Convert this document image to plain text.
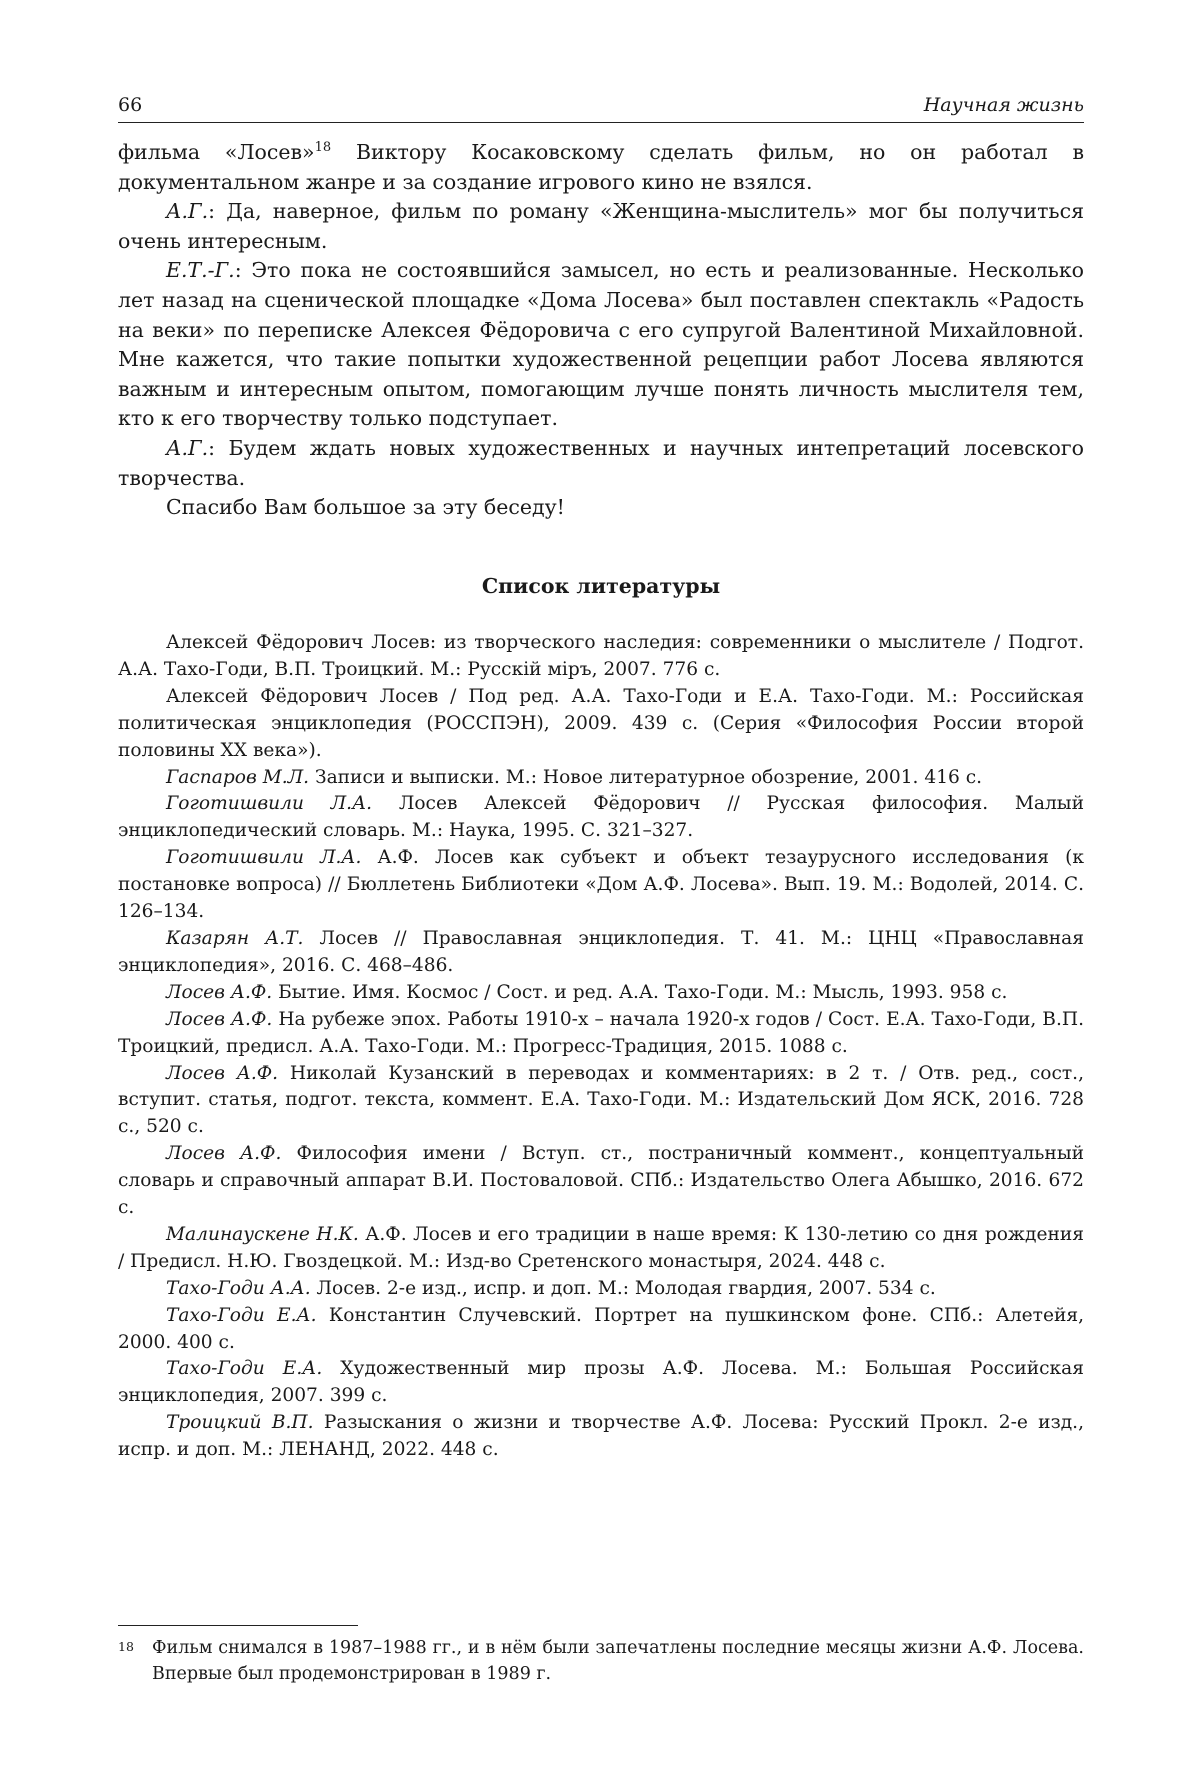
66	Научная жизнь

фильма «Лосев»$^{18}$ Виктору Косаковскому сделать фильм, но он работал в документальном жанре и за создание игрового кино не взялся.

А.Г.: Да, наверное, фильм по роману «Женщина-мыслитель» мог бы получиться очень интересным.

Е.Т.-Г.: Это пока не состоявшийся замысел, но есть и реализованные. Несколько лет назад на сценической площадке «Дома Лосева» был поставлен спектакль «Радость на веки» по переписке Алексея Фёдоровича с его супругой Валентиной Михайловной. Мне кажется, что такие попытки художественной рецепции работ Лосева являются важным и интересным опытом, помогающим лучше понять личность мыслителя тем, кто к его творчеству только подступает.

А.Г.: Будем ждать новых художественных и научных интепретаций лосевского творчества.

Спасибо Вам большое за эту беседу!

Список литературы

Алексей Фёдорович Лосев: из творческого наследия: современники о мыслителе / Подгот. А.А. Тахо-Годи, В.П. Троицкий. М.: Русскiй мiръ, 2007. 776 с.

Алексей Фёдорович Лосев / Под ред. А.А. Тахо-Годи и Е.А. Тахо-Годи. М.: Российская политическая энциклопедия (РОССПЭН), 2009. 439 с. (Серия «Философия России второй половины XX века»).

Гаспаров М.Л. Записи и выписки. М.: Новое литературное обозрение, 2001. 416 с.

Гоготишвили Л.А. Лосев Алексей Фёдорович // Русская философия. Малый энциклопедический словарь. М.: Наука, 1995. С. 321–327.

Гоготишвили Л.А. А.Ф. Лосев как субъект и объект тезаурусного исследования (к постановке вопроса) // Бюллетень Библиотеки «Дом А.Ф. Лосева». Вып. 19. М.: Водолей, 2014. С. 126–134.

Казарян А.Т. Лосев // Православная энциклопедия. Т. 41. М.: ЦНЦ «Православная энциклопедия», 2016. С. 468–486.

Лосев А.Ф. Бытие. Имя. Космос / Сост. и ред. А.А. Тахо-Годи. М.: Мысль, 1993. 958 с.

Лосев А.Ф. На рубеже эпох. Работы 1910-х – начала 1920-х годов / Сост. Е.А. Тахо-Годи, В.П. Троицкий, предисл. А.А. Тахо-Годи. М.: Прогресс-Традиция, 2015. 1088 с.

Лосев А.Ф. Николай Кузанский в переводах и комментариях: в 2 т. / Отв. ред., сост., вступит. статья, подгот. текста, коммент. Е.А. Тахо-Годи. М.: Издательский Дом ЯСК, 2016. 728 с., 520 с.

Лосев А.Ф. Философия имени / Вступ. ст., постраничный коммент., концептуальный словарь и справочный аппарат В.И. Постоваловой. СПб.: Издательство Олега Абышко, 2016. 672 с.

Малинаускене Н.К. А.Ф. Лосев и его традиции в наше время: К 130-летию со дня рождения / Предисл. Н.Ю. Гвоздецкой. М.: Изд-во Сретенского монастыря, 2024. 448 с.

Тахо-Годи А.А. Лосев. 2-е изд., испр. и доп. М.: Молодая гвардия, 2007. 534 с.

Тахо-Годи Е.А. Константин Случевский. Портрет на пушкинском фоне. СПб.: Алетейя, 2000. 400 с.

Тахо-Годи Е.А. Художественный мир прозы А.Ф. Лосева. М.: Большая Российская энциклопедия, 2007. 399 с.

Троицкий В.П. Разыскания о жизни и творчестве А.Ф. Лосева: Русский Прокл. 2-е изд., испр. и доп. М.: ЛЕНАНД, 2022. 448 с.

18 Фильм снимался в 1987–1988 гг., и в нём были запечатлены последние месяцы жизни А.Ф. Лосева. Впервые был продемонстрирован в 1989 г.
